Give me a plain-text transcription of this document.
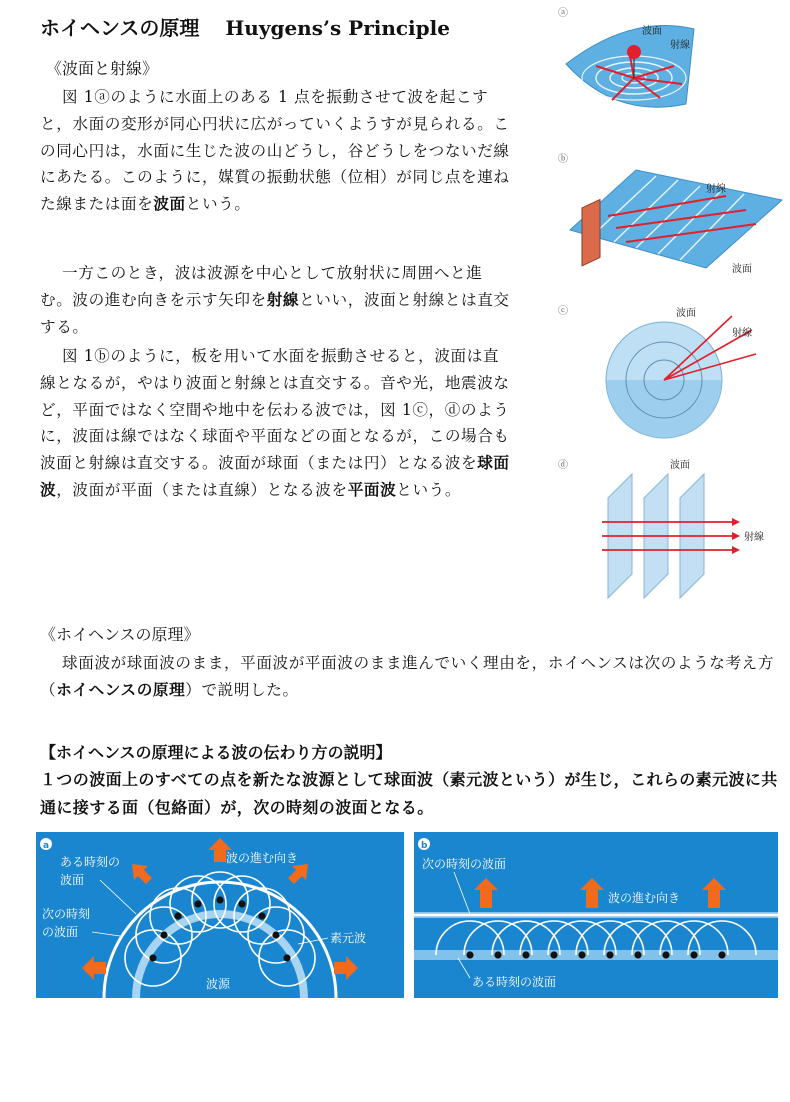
ホイヘンスの原理 Huygens’s Principle
《波面と射線》
図 1ⓐのように水面上のある 1 点を振動させて波を起こすと，水面の変形が同心円状に広がっていくようすが見られる。この同心円は，水面に生じた波の山どうし，谷どうしをつないだ線にあたる。このように，媒質の振動状態（位相）が同じ点を連ねた線または面を波面という。
一方このとき，波は波源を中心として放射状に周囲へと進む。波の進む向きを示す矢印を射線といい，波面と射線とは直交する。
図 1ⓑのように，板を用いて水面を振動させると，波面は直線となるが，やはり波面と射線とは直交する。音や光，地震波など，平面ではなく空間や地中を伝わる波では，図 1ⓒ，ⓓのように，波面は線ではなく球面や平面などの面となるが，この場合も波面と射線は直交する。波面が球面（または円）となる波を球面波，波面が平面（または直線）となる波を平面波という。
《ホイヘンスの原理》
球面波が球面波のまま，平面波が平面波のまま進んでいく理由を，ホイヘンスは次のような考え方（ホイヘンスの原理）で説明した。
【ホイヘンスの原理による波の伝わり方の説明】
１つの波面上のすべての点を新たな波源として球面波（素元波という）が生じ，これらの素元波に共通に接する面（包絡面）が，次の時刻の波面となる。
ⓐ
波面
射線
ⓑ
射線
波面
ⓒ	波面
射線
ⓓ	波面
射線
a
波の進む向き
ある時刻の
波面
次の時刻
の波面	素元波
波源
b
次の時刻の波面
波の進む向き
ある時刻の波面
